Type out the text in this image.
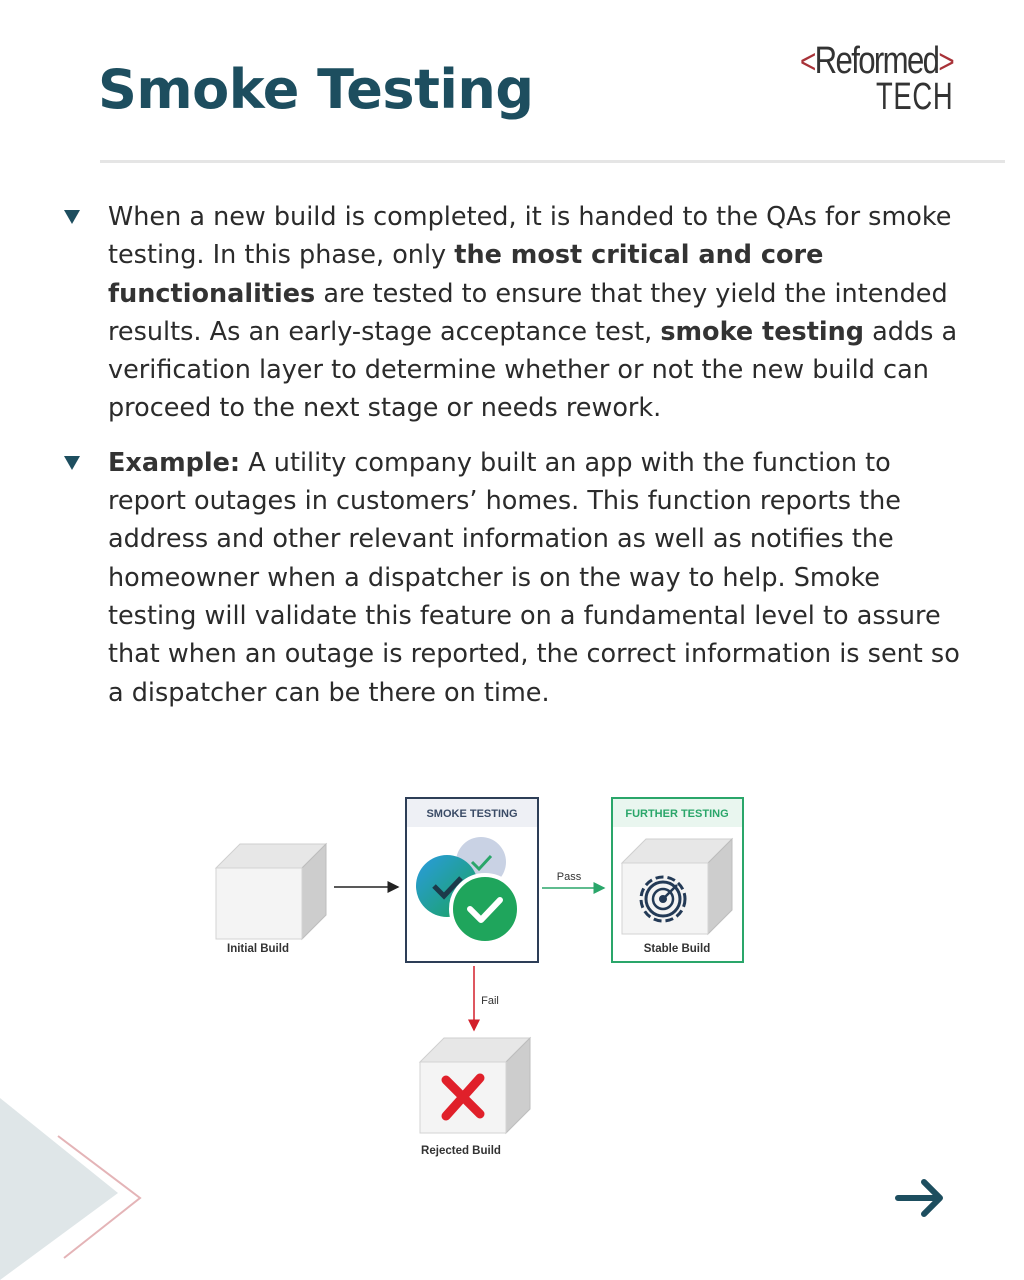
Smoke Testing	<Reformed>
TECH

When a new build is completed, it is handed to the QAs for smoke testing. In this phase, only the most critical and core functionalities are tested to ensure that they yield the intended results. As an early-stage acceptance test, smoke testing adds a verification layer to determine whether or not the new build can proceed to the next stage or needs rework.

Example: A utility company built an app with the function to report outages in customers’ homes. This function reports the address and other relevant information as well as notifies the homeowner when a dispatcher is on the way to help. Smoke testing will validate this feature on a fundamental level to assure that when an outage is reported, the correct information is sent so a dispatcher can be there on time.

Initial Build
SMOKE TESTING
Pass
FURTHER TESTING
Stable Build
Fail
Rejected Build
